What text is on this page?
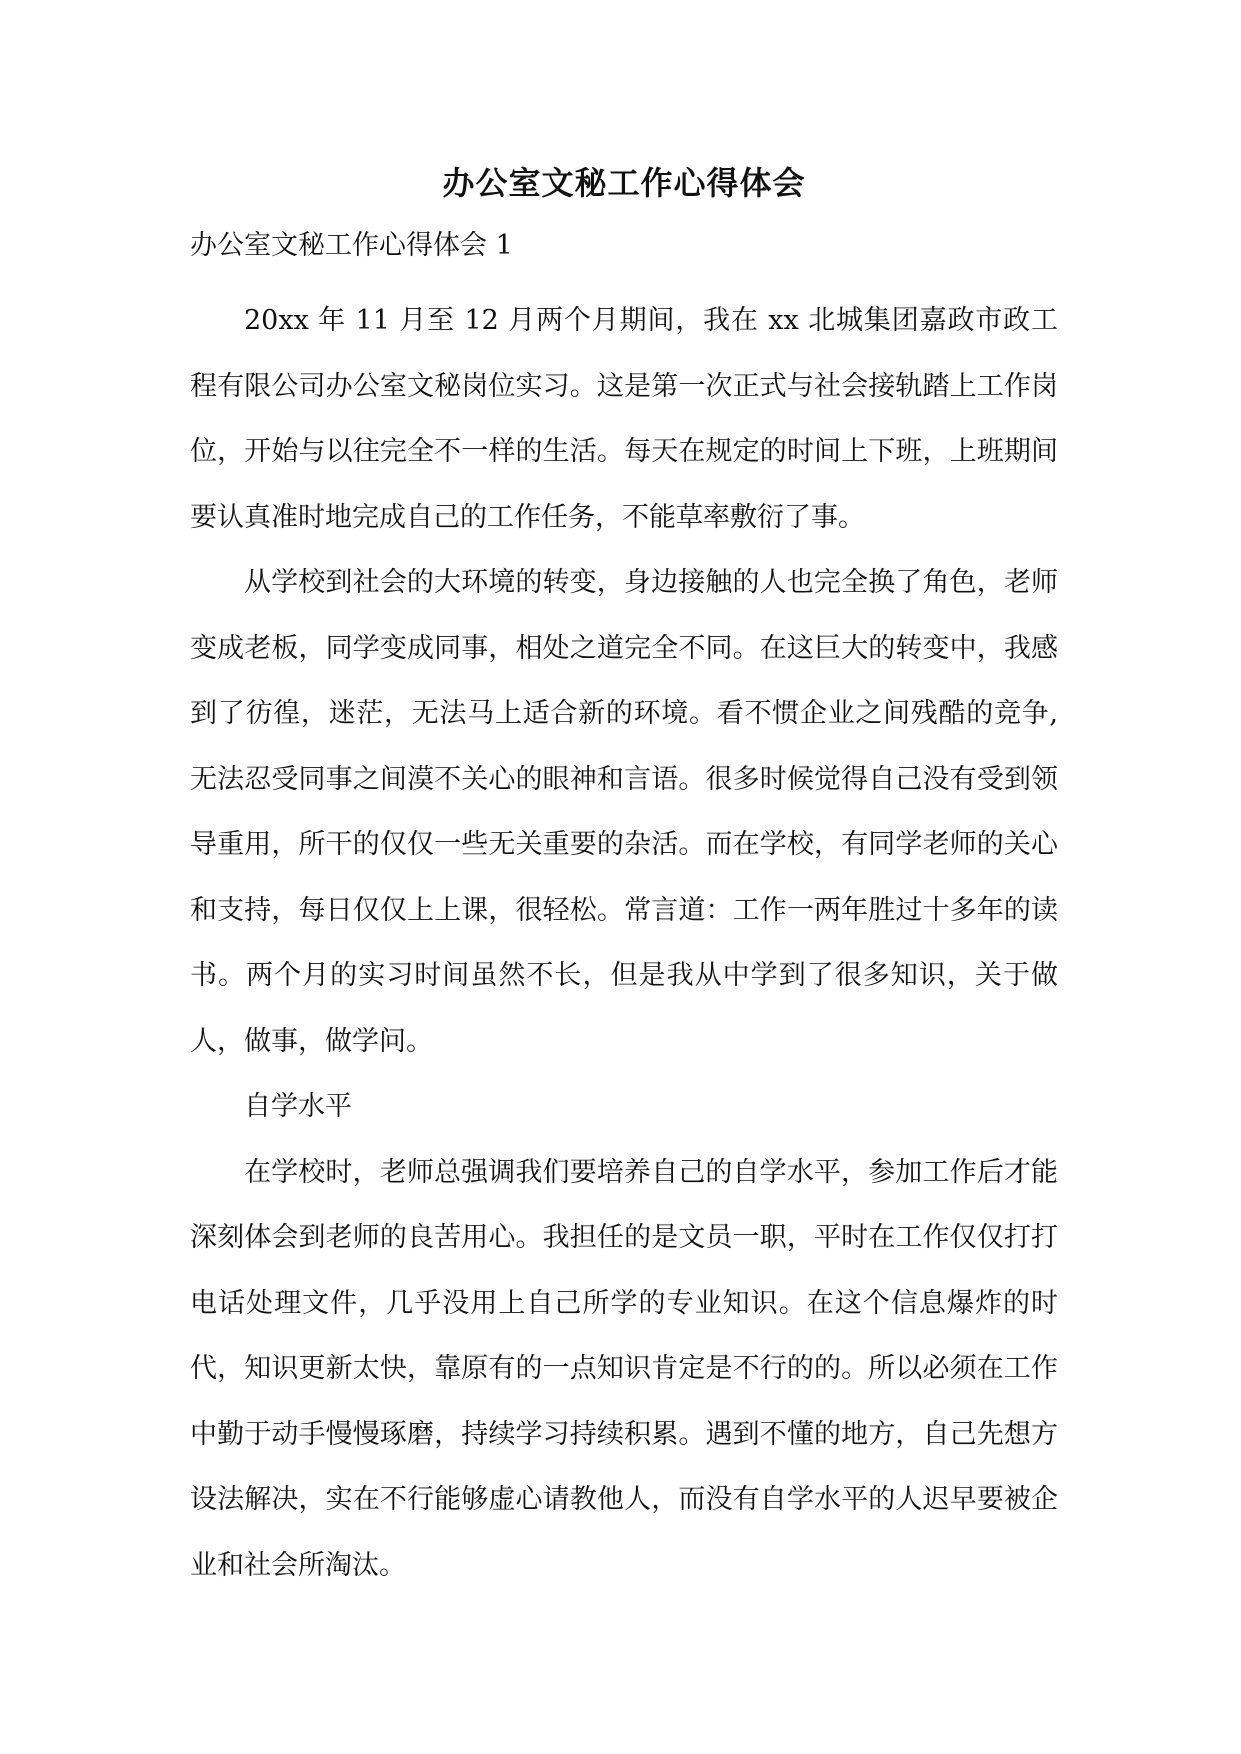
办公室文秘工作心得体会

办公室文秘工作心得体会 1

20xx 年 11 月至 12 月两个月期间，我在 xx 北城集团嘉政市政工程有限公司办公室文秘岗位实习。这是第一次正式与社会接轨踏上工作岗位，开始与以往完全不一样的生活。每天在规定的时间上下班，上班期间要认真准时地完成自己的工作任务，不能草率敷衍了事。

从学校到社会的大环境的转变，身边接触的人也完全换了角色，老师变成老板，同学变成同事，相处之道完全不同。在这巨大的转变中，我感到了彷徨，迷茫，无法马上适合新的环境。看不惯企业之间残酷的竞争,无法忍受同事之间漠不关心的眼神和言语。很多时候觉得自己没有受到领导重用，所干的仅仅一些无关重要的杂活。而在学校，有同学老师的关心和支持，每日仅仅上上课，很轻松。常言道：工作一两年胜过十多年的读书。两个月的实习时间虽然不长，但是我从中学到了很多知识，关于做人，做事，做学问。

自学水平

在学校时，老师总强调我们要培养自己的自学水平，参加工作后才能深刻体会到老师的良苦用心。我担任的是文员一职，平时在工作仅仅打打电话处理文件，几乎没用上自己所学的专业知识。在这个信息爆炸的时代，知识更新太快，靠原有的一点知识肯定是不行的的。所以必须在工作中勤于动手慢慢琢磨，持续学习持续积累。遇到不懂的地方，自己先想方设法解决，实在不行能够虚心请教他人，而没有自学水平的人迟早要被企业和社会所淘汰。
